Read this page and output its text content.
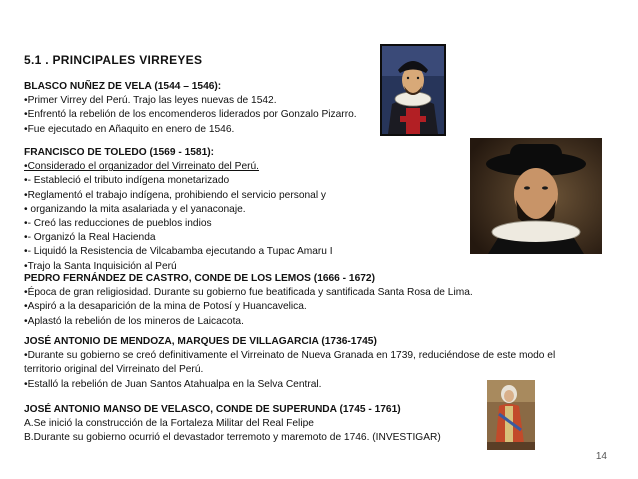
5.1 . PRINCIPALES VIRREYES
BLASCO NUÑEZ DE VELA (1544 – 1546):
•Primer Virrey del Perú. Trajo las leyes nuevas de 1542.
•Enfrentó la rebelión de los encomenderos liderados por Gonzalo Pizarro.
•Fue ejecutado en Añaquito en enero de 1546.
FRANCISCO DE TOLEDO (1569 - 1581):
•Considerado el organizador del Virreinato del Perú.
•- Estableció el tributo indígena monetarizado
•Reglamentó el trabajo indígena, prohibiendo el servicio personal y
• organizando la mita asalariada y el yanaconaje.
•- Creó las reducciones de pueblos indios
•- Organizó la Real Hacienda
•- Liquidó la Resistencia de Vilcabamba ejecutando a Tupac Amaru I
•Trajo la Santa Inquisición al Perú
PEDRO FERNÁNDEZ DE CASTRO, CONDE DE LOS LEMOS (1666 - 1672)
•Época de gran religiosidad. Durante su gobierno fue beatificada y santificada Santa Rosa de Lima.
•Aspiró a la desaparición de la mina de Potosí y Huancavelica.
•Aplastó la rebelión de los mineros de Laicacota.
JOSÉ ANTONIO DE MENDOZA, MARQUES DE VILLAGARCIA (1736-1745)
•Durante su gobierno se creó definitivamente el Virreinato de Nueva Granada en 1739, reduciéndose de este modo el
territorio original del Virreinato del Perú.
•Estalló la rebelión de Juan Santos Atahualpa en la Selva Central.
JOSÉ ANTONIO MANSO DE VELASCO, CONDE DE SUPERUNDA (1745 - 1761)
A.Se inició la construcción de la Fortaleza Militar del Real Felipe
B.Durante su gobierno ocurrió el devastador terremoto y maremoto de 1746. (INVESTIGAR)
14
